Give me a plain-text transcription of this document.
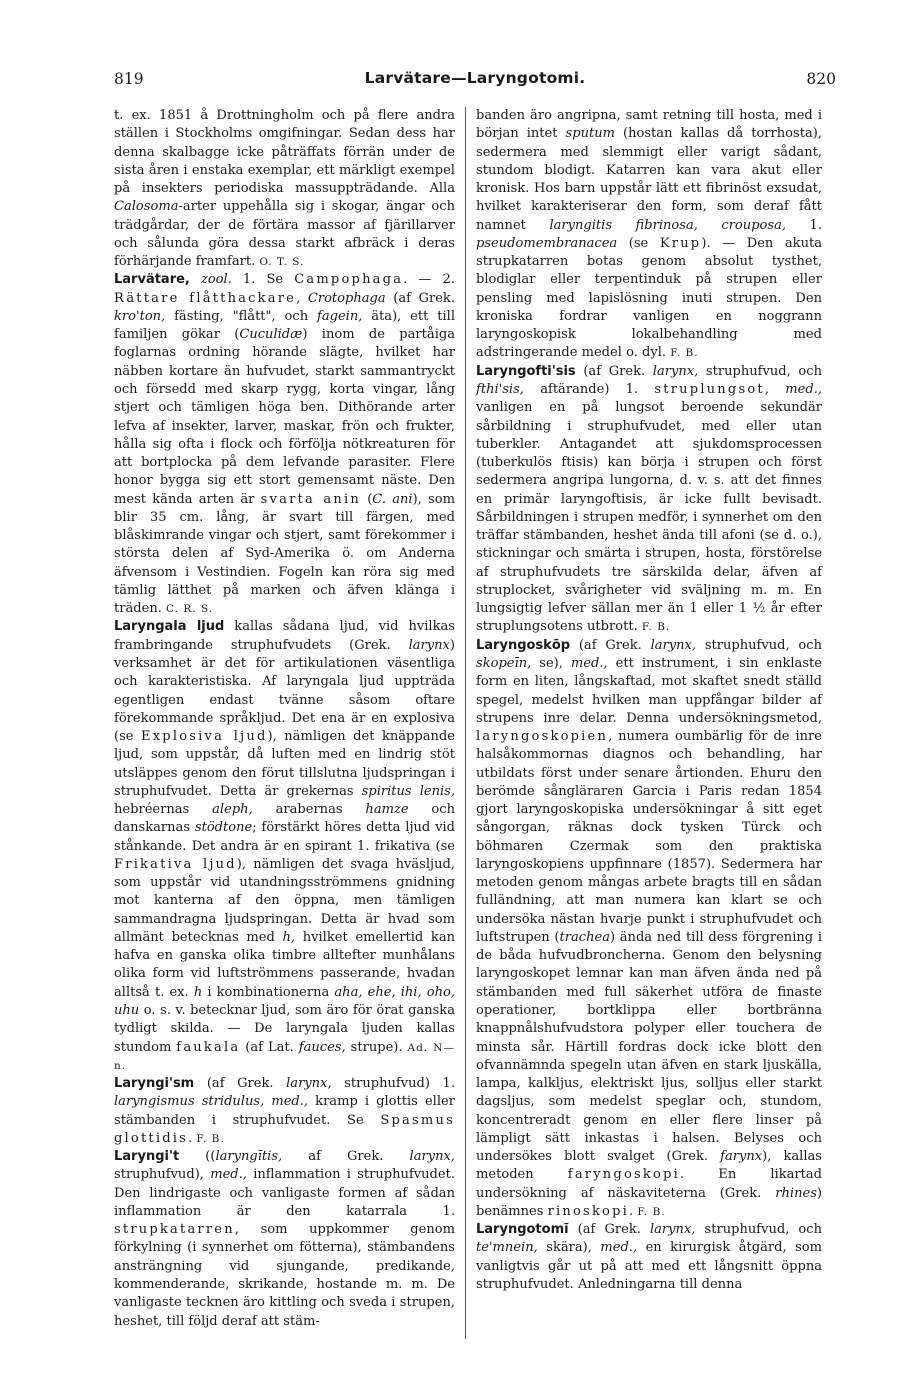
819	Larvätare—Laryngotomi.	820

t. ex. 1851 å Drottningholm och på flere andra ställen i Stockholms omgifningar. Sedan dess har denna skalbagge icke påträffats förrän under de sista åren i enstaka exemplar, ett märkligt exempel på insekters periodiska massuppträdande. Alla Calosoma-arter uppehålla sig i skogar, ängar och trädgårdar, der de förtära massor af fjärillarver och sålunda göra dessa starkt afbräck i deras förhärjande framfart. O. T. S.

Larvätare, zool. 1. Se Campophaga. — 2. Rättare flåtthackare, Crotophaga (af Grek. kro'ton, fästing, "flått", och fagein, äta), ett till familjen gökar (Cuculidæ) inom de partåiga foglarnas ordning hörande slägte, hvilket har näbben kortare än hufvudet, starkt sammantryckt och försedd med skarp rygg, korta vingar, lång stjert och tämligen höga ben. Dithörande arter lefva af insekter, larver, maskar, frön och frukter, hålla sig ofta i flock och förfölja nötkreaturen för att bortplocka på dem lefvande parasiter. Flere honor bygga sig ett stort gemensamt näste. Den mest kända arten är svarta anin (C. ani), som blir 35 cm. lång, är svart till färgen, med blåskimrande vingar och stjert, samt förekommer i största delen af Syd-Amerika ö. om Anderna äfvensom i Vestindien. Fogeln kan röra sig med tämlig lätthet på marken och äfven klänga i träden. C. R. S.

Laryngala ljud kallas sådana ljud, vid hvilkas frambringande struphufvudets (Grek. larynx) verksamhet är det för artikulationen väsentliga och karakteristiska. Af laryngala ljud uppträda egentligen endast tvänne såsom oftare förekommande språkljud. Det ena är en explosiva (se Explosiva ljud), nämligen det knäppande ljud, som uppstår, då luften med en lindrig stöt utsläppes genom den förut tillslutna ljudspringan i struphufvudet. Detta är grekernas spiritus lenis, hebréernas aleph, arabernas hamze och danskarnas stödtone; förstärkt höres detta ljud vid stånkande. Det andra är en spirant 1. frikativa (se Frikativa ljud), nämligen det svaga hväsljud, som uppstår vid utandningsströmmens gnidning mot kanterna af den öppna, men tämligen sammandragna ljudspringan. Detta är hvad som allmänt betecknas med h, hvilket emellertid kan hafva en ganska olika timbre alltefter munhålans olika form vid luftströmmens passerande, hvadan alltså t. ex. h i kombinationerna aha, ehe, ihi, oho, uhu o. s. v. betecknar ljud, som äro för örat ganska tydligt skilda. — De laryngala ljuden kallas stundom faukala (af Lat. fauces, strupe). Ad. N—n.

Laryngi'sm (af Grek. larynx, struphufvud) 1. laryngismus stridulus, med., kramp i glottis eller stämbanden i struphufvudet. Se Spasmus glottidis. F. B.

Laryngi't ((laryngītis, af Grek. larynx, struphufvud), med., inflammation i struphufvudet. Den lindrigaste och vanligaste formen af sådan inflammation är den katarrala 1. strupkatarren, som uppkommer genom förkylning (i synnerhet om fötterna), stämbandens ansträngning vid sjungande, predikande, kommenderande, skrikande, hostande m. m. De vanligaste tecknen äro kittling och sveda i strupen, heshet, till följd deraf att stäm-

banden äro angripna, samt retning till hosta, med i början intet sputum (hostan kallas då torrhosta), sedermera med slemmigt eller varigt sådant, stundom blodigt. Katarren kan vara akut eller kronisk. Hos barn uppstår lätt ett fibrinöst exsudat, hvilket karakteriserar den form, som deraf fått namnet laryngitis fibrinosa, crouposa, 1. pseudomembranacea (se Krup). — Den akuta strupkatarren botas genom absolut tysthet, blodiglar eller terpentinduk på strupen eller pensling med lapislösning inuti strupen. Den kroniska fordrar vanligen en noggrann laryngoskopisk lokalbehandling med adstringerande medel o. dyl. F. B.

Laryngofti'sis (af Grek. larynx, struphufvud, och fthi'sis, aftärande) 1. struplungsot, med., vanligen en på lungsot beroende sekundär sårbildning i struphufvudet, med eller utan tuberkler. Antagandet att sjukdomsprocessen (tuberkulös ftisis) kan börja i strupen och först sedermera angripa lungorna, d. v. s. att det finnes en primär laryngoftisis, är icke fullt bevisadt. Sårbildningen i strupen medför, i synnerhet om den träffar stämbanden, heshet ända till afoni (se d. o.), stickningar och smärta i strupen, hosta, förstörelse af struphufvudets tre särskilda delar, äfven af struplocket, svårigheter vid sväljning m. m. En lungsigtig lefver sällan mer än 1 eller 1 ½ år efter struplungsotens utbrott. F. B.

Laryngoskōp (af Grek. larynx, struphufvud, och skopeīn, se), med., ett instrument, i sin enklaste form en liten, långskaftad, mot skaftet snedt ställd spegel, medelst hvilken man uppfångar bilder af strupens inre delar. Denna undersökningsmetod, laryngoskopien, numera oumbärlig för de inre halsåkommornas diagnos och behandling, har utbildats först under senare årtionden. Ehuru den berömde sångläraren Garcia i Paris redan 1854 gjort laryngoskopiska undersökningar å sitt eget sångorgan, räknas dock tysken Türck och böhmaren Czermak som den praktiska laryngoskopiens uppfinnare (1857). Sedermera har metoden genom mångas arbete bragts till en sådan fulländning, att man numera kan klart se och undersöka nästan hvarje punkt i struphufvudet och luftstrupen (trachea) ända ned till dess förgrening i de båda hufvudbroncherna. Genom den belysning laryngoskopet lemnar kan man äfven ända ned på stämbanden med full säkerhet utföra de finaste operationer, bortklippa eller bortbränna knappnålshufvudstora polyper eller touchera de minsta sår. Härtill fordras dock icke blott den ofvannämnda spegeln utan äfven en stark ljuskälla, lampa, kalkljus, elektriskt ljus, solljus eller starkt dagsljus, som medelst speglar och, stundom, koncentreradt genom en eller flere linser på lämpligt sätt inkastas i halsen. Belyses och undersökes blott svalget (Grek. farynx), kallas metoden faryngoskopi. En likartad undersökning af näskaviteterna (Grek. rhines) benämnes rinoskopi. F. B.

Laryngotomī (af Grek. larynx, struphufvud, och te'mnein, skära), med., en kirurgisk åtgärd, som vanligtvis går ut på att med ett långsnitt öppna struphufvudet. Anledningarna till denna
